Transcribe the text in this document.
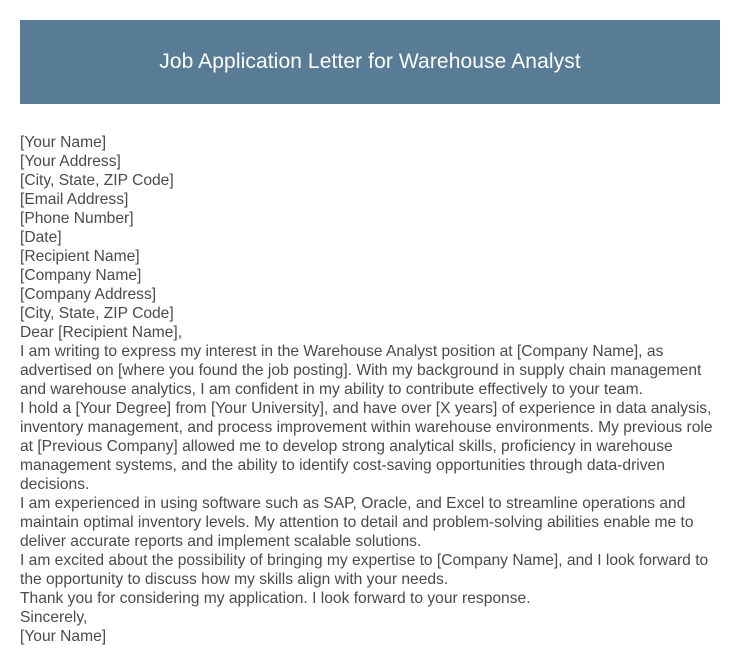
Job Application Letter for Warehouse Analyst
[Your Name]
[Your Address]
[City, State, ZIP Code]
[Email Address]
[Phone Number]
[Date]
[Recipient Name]
[Company Name]
[Company Address]
[City, State, ZIP Code]
Dear [Recipient Name],
I am writing to express my interest in the Warehouse Analyst position at [Company Name], as advertised on [where you found the job posting]. With my background in supply chain management and warehouse analytics, I am confident in my ability to contribute effectively to your team.
I hold a [Your Degree] from [Your University], and have over [X years] of experience in data analysis, inventory management, and process improvement within warehouse environments. My previous role at [Previous Company] allowed me to develop strong analytical skills, proficiency in warehouse management systems, and the ability to identify cost-saving opportunities through data-driven decisions.
I am experienced in using software such as SAP, Oracle, and Excel to streamline operations and maintain optimal inventory levels. My attention to detail and problem-solving abilities enable me to deliver accurate reports and implement scalable solutions.
I am excited about the possibility of bringing my expertise to [Company Name], and I look forward to the opportunity to discuss how my skills align with your needs.
Thank you for considering my application. I look forward to your response.
Sincerely,
[Your Name]
